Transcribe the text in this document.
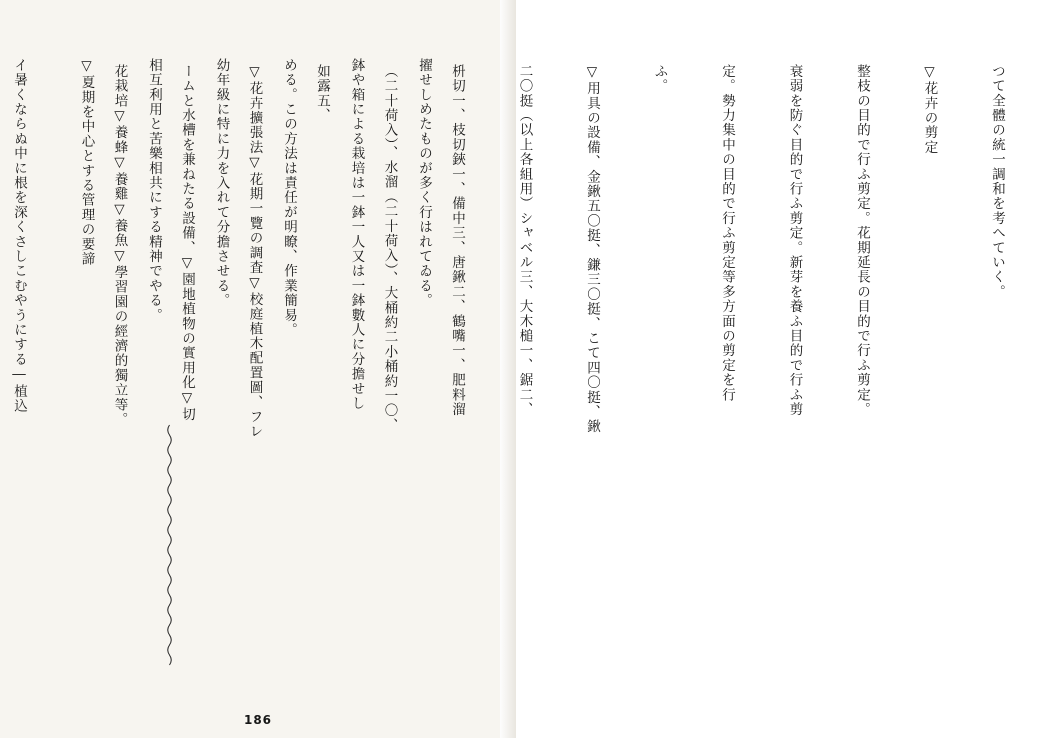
擢せしめたものが多く行はれてゐる。

鉢や箱による栽培は一鉢一人又は一鉢數人に分擔せし

める。この方法は責任が明瞭、作業簡易。

幼年級に特に力を入れて分擔させる。

相互利用と苦樂相共にする精神でやる。

▽夏期を中心とする管理の要諦

イ暑くならぬ中に根を深くさしこむやうにする―植込

	つて全體の統一調和を考へていく。

▽花卉の剪定

整枝の目的で行ふ剪定。花期延長の目的で行ふ剪定。

衰弱を防ぐ目的で行ふ剪定。新芽を養ふ目的で行ふ剪

定。勢力集中の目的で行ふ剪定等多方面の剪定を行

ふ。

▽用具の設備、金鍬五〇挺、鎌三〇挺、こて四〇挺、鍬

二〇挺（以上各組用）シャベル三、大木槌一、鋸二、

枡切一、枝切鋏一、備中三、唐鍬二、鶴嘴一、肥料溜

（二十荷入）、水溜（二十荷入）、大桶約二小桶約一〇、

如露五、

▽花卉擴張法▽花期一覽の調査▽校庭植木配置圖、フレ

ームと水槽を兼ねたる設備、▽園地植物の實用化▽切

花栽培▽養蜂▽養雞▽養魚▽學習園の經濟的獨立等。

186
